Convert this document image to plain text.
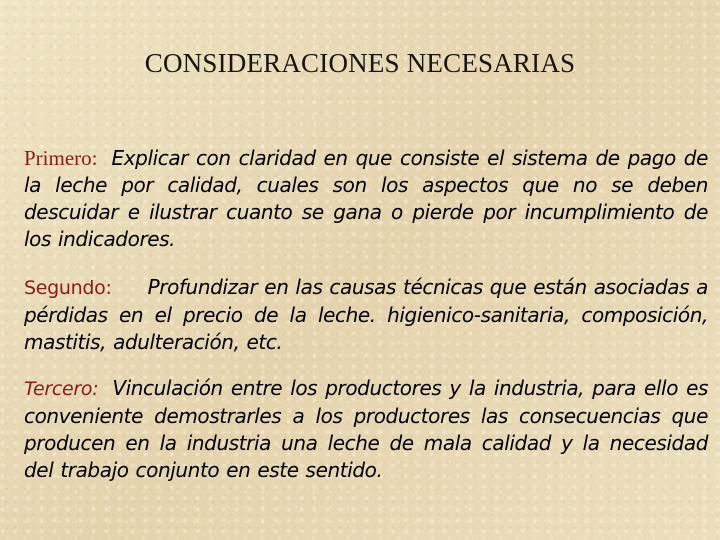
CONSIDERACIONES NECESARIAS
Primero: Explicar con claridad en que consiste el sistema de pago de la leche por calidad, cuales son los aspectos que no se deben descuidar e ilustrar cuanto se gana o pierde por incumplimiento de los indicadores.
Segundo: Profundizar en las causas técnicas que están asociadas a pérdidas en el precio de la leche. higienico-sanitaria, composición, mastitis, adulteración, etc.
Tercero: Vinculación entre los productores y la industria, para ello es conveniente demostrarles a los productores las consecuencias que producen en la industria una leche de mala calidad y la necesidad del trabajo conjunto en este sentido.
